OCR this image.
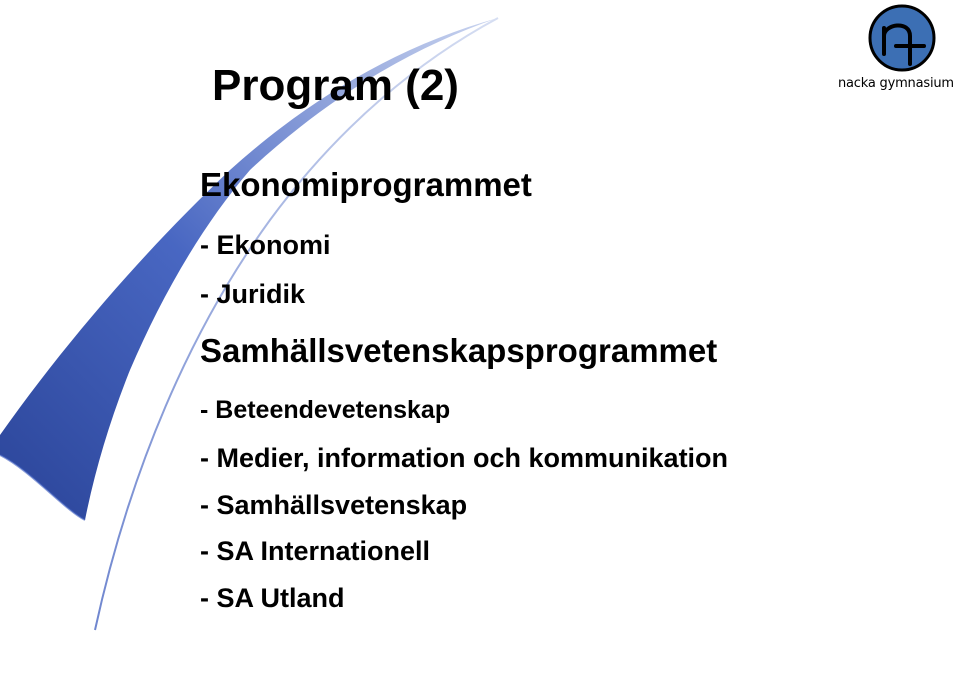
nacka gymnasium
Program (2)

Ekonomiprogrammet

- Ekonomi

- Juridik

Samhällsvetenskapsprogrammet

- Beteendevetenskap

- Medier, information och kommunikation

- Samhällsvetenskap

- SA Internationell

- SA Utland
